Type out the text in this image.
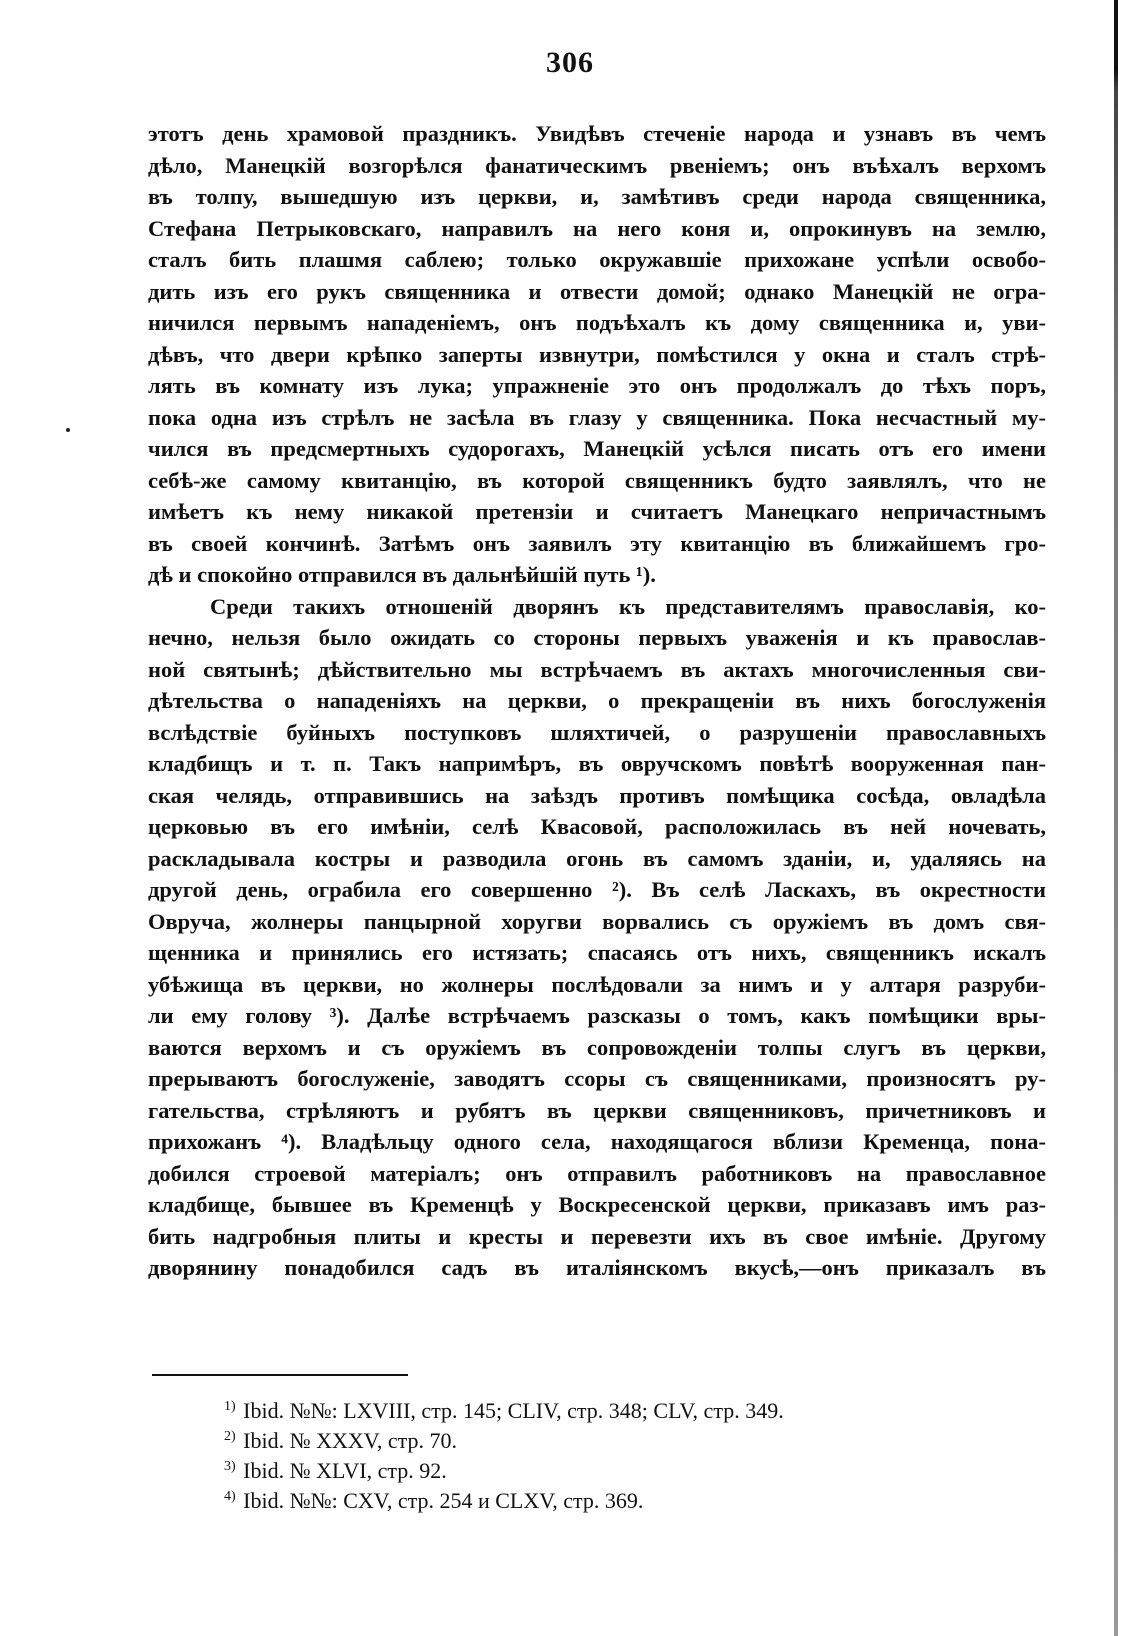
306
этотъ день храмовой праздникъ. Увидѣвъ стеченіе народа и узнавъ въ чемъ
дѣло, Манецкій возгорѣлся фанатическимъ рвеніемъ; онъ въѣхалъ верхомъ
въ толпу, вышедшую изъ церкви, и, замѣтивъ среди народа священника,
Стефана Петрыковскаго, направилъ на него коня и, опрокинувъ на землю,
сталъ бить плашмя саблею; только окружавшіе прихожане успѣли освобо-
дить изъ его рукъ священника и отвести домой; однако Манецкій не огра-
ничился первымъ нападеніемъ, онъ подъѣхалъ къ дому священника и, уви-
дѣвъ, что двери крѣпко заперты извнутри, помѣстился у окна и сталъ стрѣ-
лять въ комнату изъ лука; упражненіе это онъ продолжалъ до тѣхъ поръ,
пока одна изъ стрѣлъ не засѣла въ глазу у священника. Пока несчастный му-
чился въ предсмертныхъ судорогахъ, Манецкій усѣлся писать отъ его имени
себѣ-же самому квитанцію, въ которой священникъ будто заявлялъ, что не
имѣетъ къ нему никакой претензіи и считаетъ Манецкаго непричастнымъ
въ своей кончинѣ. Затѣмъ онъ заявилъ эту квитанцію въ ближайшемъ гро-
дѣ и спокойно отправился въ дальнѣйшій путь ¹).
Среди такихъ отношеній дворянъ къ представителямъ православія, ко-
нечно, нельзя было ожидать со стороны первыхъ уваженія и къ православ-
ной святынѣ; дѣйствительно мы встрѣчаемъ въ актахъ многочисленныя сви-
дѣтельства о нападеніяхъ на церкви, о прекращеніи въ нихъ богослуженія
вслѣдствіе буйныхъ поступковъ шляхтичей, о разрушеніи православныхъ
кладбищъ и т. п. Такъ напримѣръ, въ овручскомъ повѣтѣ вооруженная пан-
ская челядь, отправившись на заѣздъ противъ помѣщика сосѣда, овладѣла
церковью въ его имѣніи, селѣ Квасовой, расположилась въ ней ночевать,
раскладывала костры и разводила огонь въ самомъ зданіи, и, удаляясь на
другой день, ограбила его совершенно ²). Въ селѣ Ласкахъ, въ окрестности
Овруча, жолнеры панцырной хоругви ворвались съ оружіемъ въ домъ свя-
щенника и принялись его истязать; спасаясь отъ нихъ, священникъ искалъ
убѣжища въ церкви, но жолнеры послѣдовали за нимъ и у алтаря разруби-
ли ему голову ³). Далѣе встрѣчаемъ разсказы о томъ, какъ помѣщики вры-
ваются верхомъ и съ оружіемъ въ сопровожденіи толпы слугъ въ церкви,
прерываютъ богослуженіе, заводятъ ссоры съ священниками, произносятъ ру-
гательства, стрѣляютъ и рубятъ въ церкви священниковъ, причетниковъ и
прихожанъ ⁴). Владѣльцу одного села, находящагося вблизи Кременца, пона-
добился строевой матеріалъ; онъ отправилъ работниковъ на православное
кладбище, бывшее въ Кременцѣ у Воскресенской церкви, приказавъ имъ раз-
бить надгробныя плиты и кресты и перевезти ихъ въ свое имѣніе. Другому
дворянину понадобился садъ въ италіянскомъ вкусѣ,—онъ приказалъ въ
$^{1)}$ Ibid. №№: LXVIII, стр. 145; CLIV, стр. 348; CLV, стр. 349.
$^{2)}$ Ibid. № XXXV, стр. 70.
$^{3)}$ Ibid. № XLVI, стр. 92.
$^{4)}$ Ibid. №№: CXV, стр. 254 и CLXV, стр. 369.
